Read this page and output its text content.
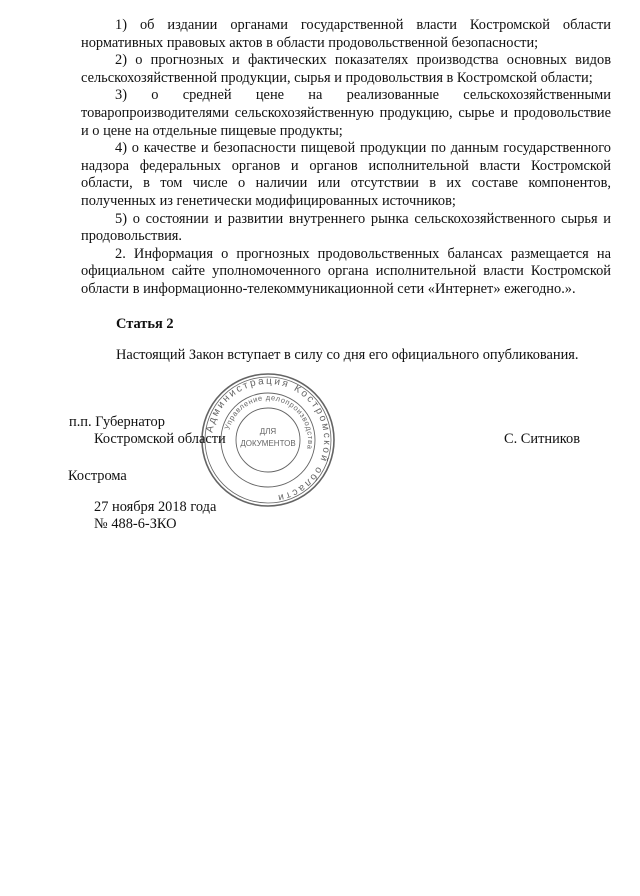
1) об издании органами государственной власти Костромской области нормативных правовых актов в области продовольственной безопасности;

2) о прогнозных и фактических показателях производства основных видов сельскохозяйственной продукции, сырья и продовольствия в Костромской области;

3) о средней цене на реализованные сельскохозяйственными товаропроизводителями сельскохозяйственную продукцию, сырье и продовольствие и о цене на отдельные пищевые продукты;

4) о качестве и безопасности пищевой продукции по данным государственного надзора федеральных органов и органов исполнительной власти Костромской области, в том числе о наличии или отсутствии в их составе компонентов, полученных из генетически модифицированных источников;

5) о состоянии и развитии внутреннего рынка сельскохозяйственного сырья и продовольствия.

2. Информация о прогнозных продовольственных балансах размещается на официальном сайте уполномоченного органа исполнительной власти Костромской области в информационно-телекоммуникационной сети «Интернет» ежегодно.».

Статья 2

Настоящий Закон вступает в силу со дня его официального опубликования.

Администрация Костромской области
Управление делопроизводства
ДЛЯ
ДОКУМЕНТОВ

п.п. Губернатор

Костромской области	С. Ситников

Кострома

27 ноября 2018 года

№ 488-6-ЗКО
